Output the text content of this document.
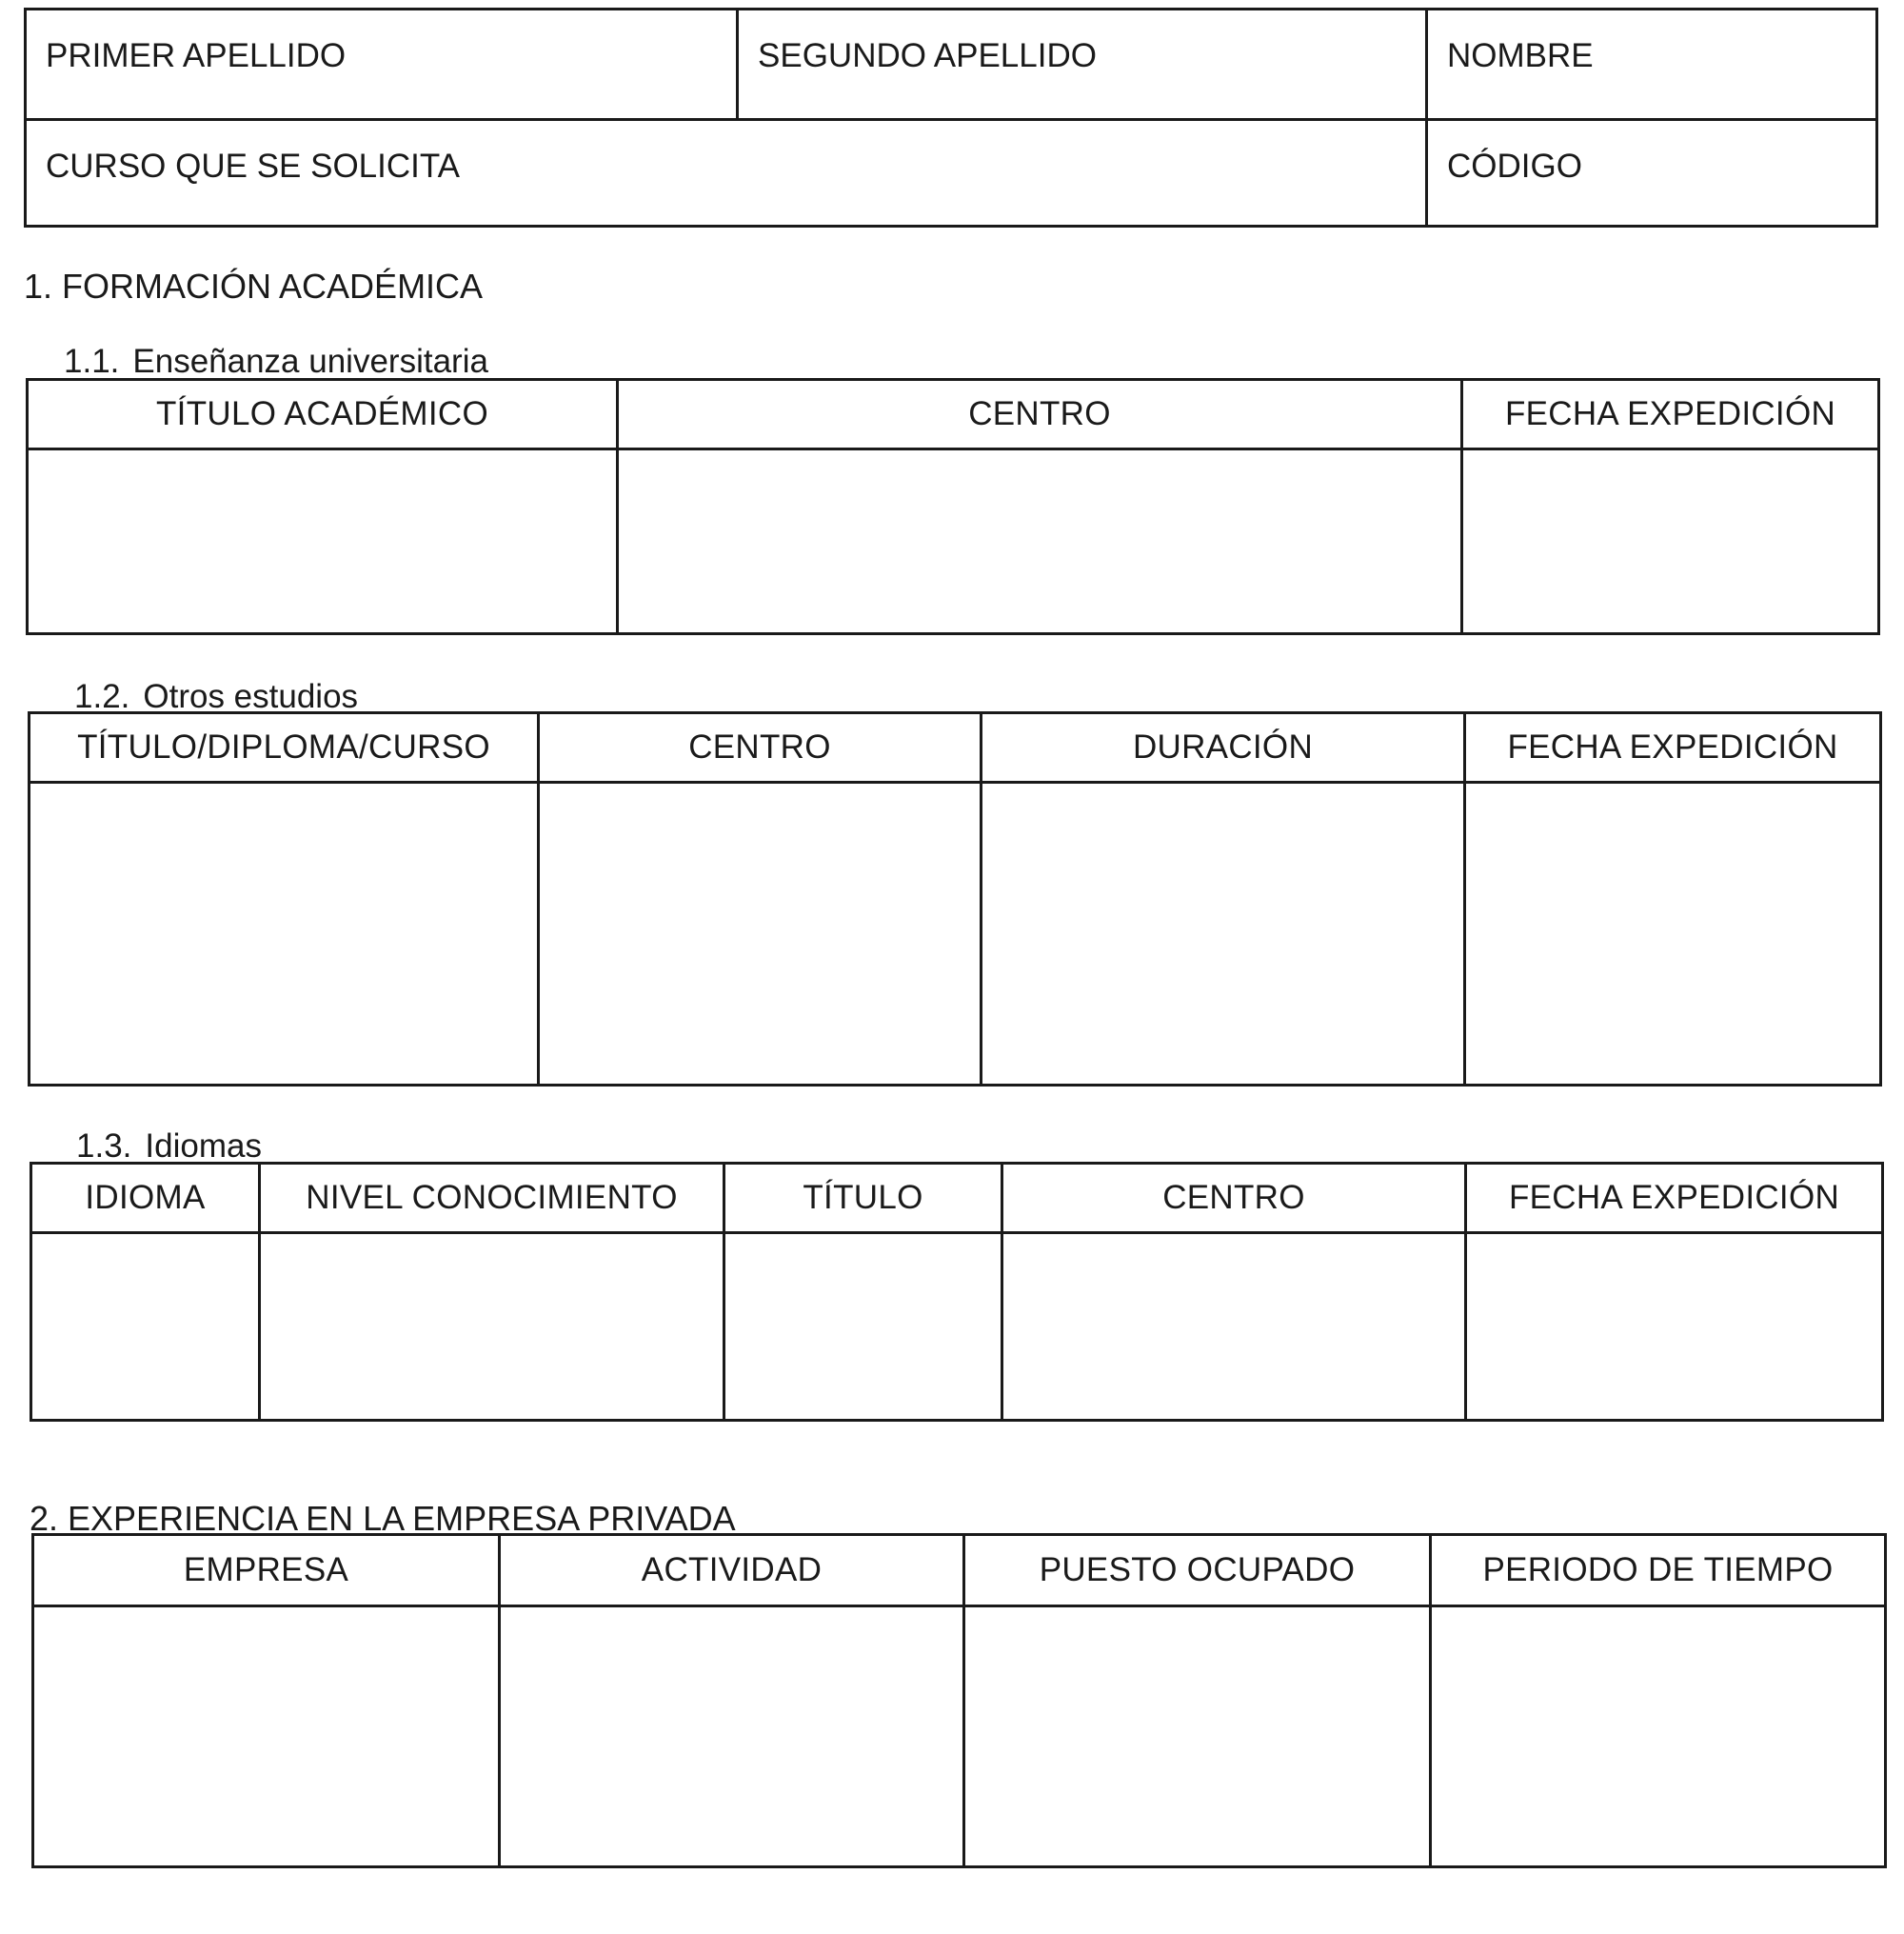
PRIMER APELLIDO	SEGUNDO APELLIDO	NOMBRE
CURSO QUE SE SOLICITA		CÓDIGO
1. FORMACIÓN ACADÉMICA
1.1. Enseñanza universitaria
TÍTULO ACADÉMICO	CENTRO	FECHA EXPEDICIÓN

1.2. Otros estudios
TÍTULO/DIPLOMA/CURSO	CENTRO	DURACIÓN	FECHA EXPEDICIÓN

1.3. Idiomas
IDIOMA	NIVEL CONOCIMIENTO	TÍTULO	CENTRO	FECHA EXPEDICIÓN

2. EXPERIENCIA EN LA EMPRESA PRIVADA
EMPRESA	ACTIVIDAD	PUESTO OCUPADO	PERIODO DE TIEMPO
